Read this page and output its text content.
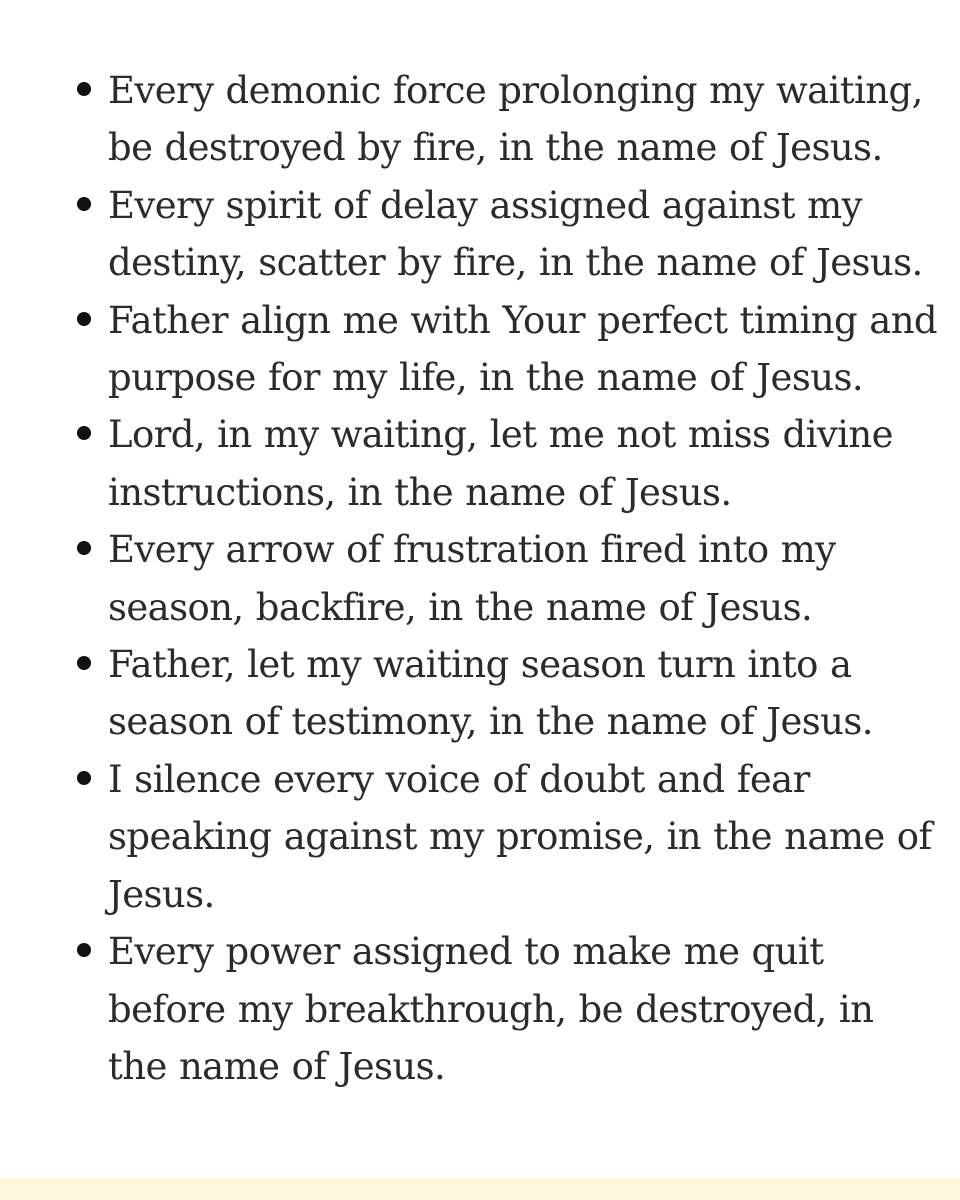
Every demonic force prolonging my waiting, be destroyed by fire, in the name of Jesus.
Every spirit of delay assigned against my destiny, scatter by fire, in the name of Jesus.
Father align me with Your perfect timing and purpose for my life, in the name of Jesus.
Lord, in my waiting, let me not miss divine instructions, in the name of Jesus.
Every arrow of frustration fired into my season, backfire, in the name of Jesus.
Father, let my waiting season turn into a season of testimony, in the name of Jesus.
I silence every voice of doubt and fear speaking against my promise, in the name of Jesus.
Every power assigned to make me quit before my breakthrough, be destroyed, in the name of Jesus.
